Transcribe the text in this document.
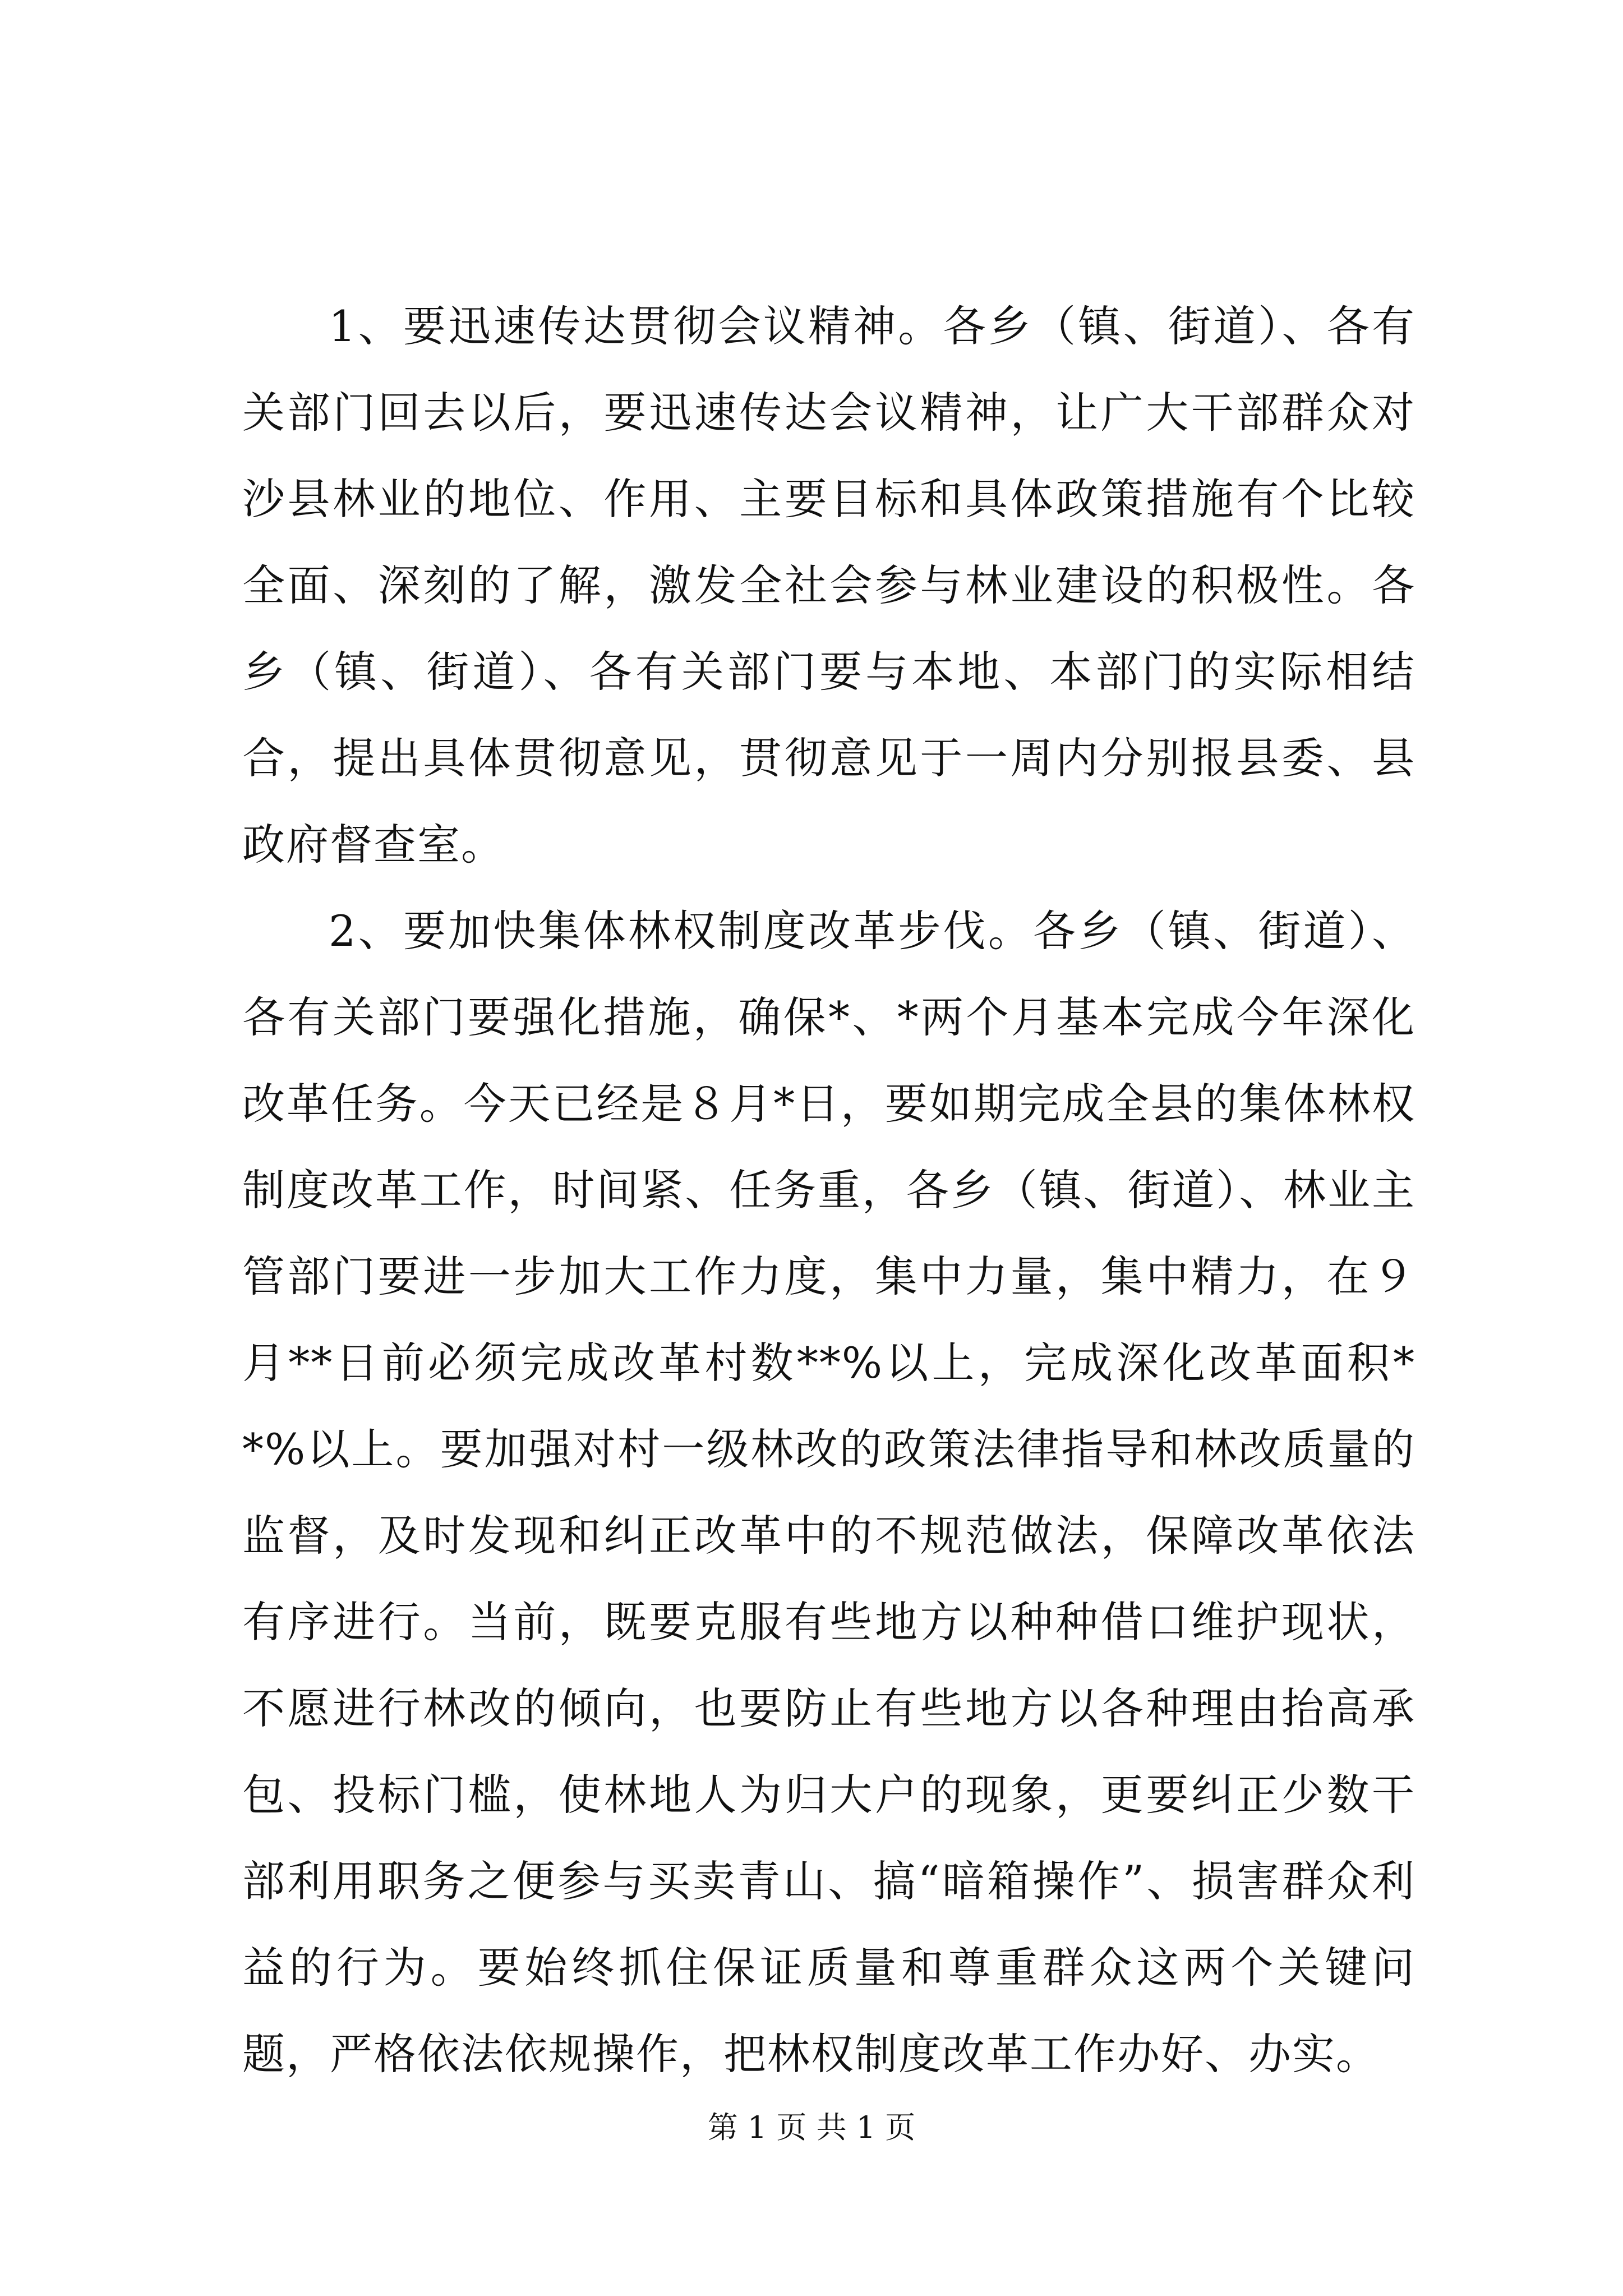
1、要迅速传达贯彻会议精神。各乡（镇、街道）、各有关部门回去以后，要迅速传达会议精神，让广大干部群众对沙县林业的地位、作用、主要目标和具体政策措施有个比较全面、深刻的了解，激发全社会参与林业建设的积极性。各乡（镇、街道）、各有关部门要与本地、本部门的实际相结合，提出具体贯彻意见，贯彻意见于一周内分别报县委、县政府督查室。

2、要加快集体林权制度改革步伐。各乡（镇、街道）、各有关部门要强化措施，确保*、*两个月基本完成今年深化改革任务。今天已经是８月*日，要如期完成全县的集体林权制度改革工作，时间紧、任务重，各乡（镇、街道）、林业主管部门要进一步加大工作力度，集中力量，集中精力，在９月**日前必须完成改革村数**%以上，完成深化改革面积**%以上。要加强对村一级林改的政策法律指导和林改质量的监督，及时发现和纠正改革中的不规范做法，保障改革依法有序进行。当前，既要克服有些地方以种种借口维护现状，不愿进行林改的倾向，也要防止有些地方以各种理由抬高承包、投标门槛，使林地人为归大户的现象，更要纠正少数干部利用职务之便参与买卖青山、搞“暗箱操作”、损害群众利益的行为。要始终抓住保证质量和尊重群众这两个关键问题，严格依法依规操作，把林权制度改革工作办好、办实。

第 1 页 共 1 页
